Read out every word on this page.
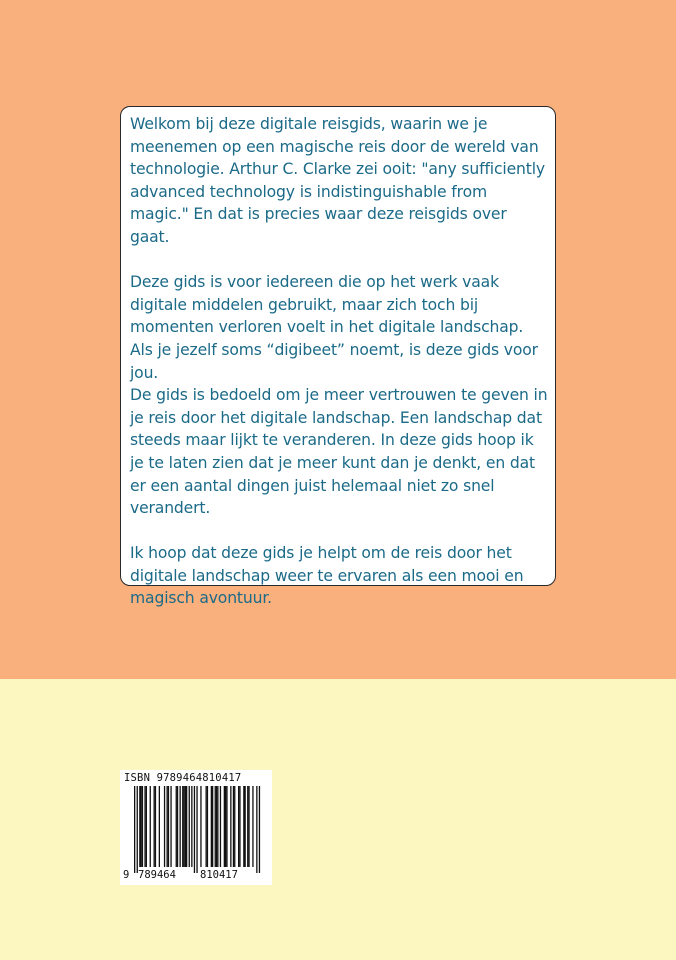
Welkom bij deze digitale reisgids, waarin we je meenemen op een magische reis door de wereld van technologie. Arthur C. Clarke zei ooit: "any sufficiently advanced technology is indistinguishable from magic." En dat is precies waar deze reisgids over gaat.

Deze gids is voor iedereen die op het werk vaak digitale middelen gebruikt, maar zich toch bij momenten verloren voelt in het digitale landschap. Als je jezelf soms “digibeet” noemt, is deze gids voor jou.

De gids is bedoeld om je meer vertrouwen te geven in je reis door het digitale landschap. Een landschap dat steeds maar lijkt te veranderen. In deze gids hoop ik je te laten zien dat je meer kunt dan je denkt, en dat er een aantal dingen juist helemaal niet zo snel verandert.

Ik hoop dat deze gids je helpt om de reis door het digitale landschap weer te ervaren als een mooi en magisch avontuur.

ISBN 9789464810417
9 789464 810417
